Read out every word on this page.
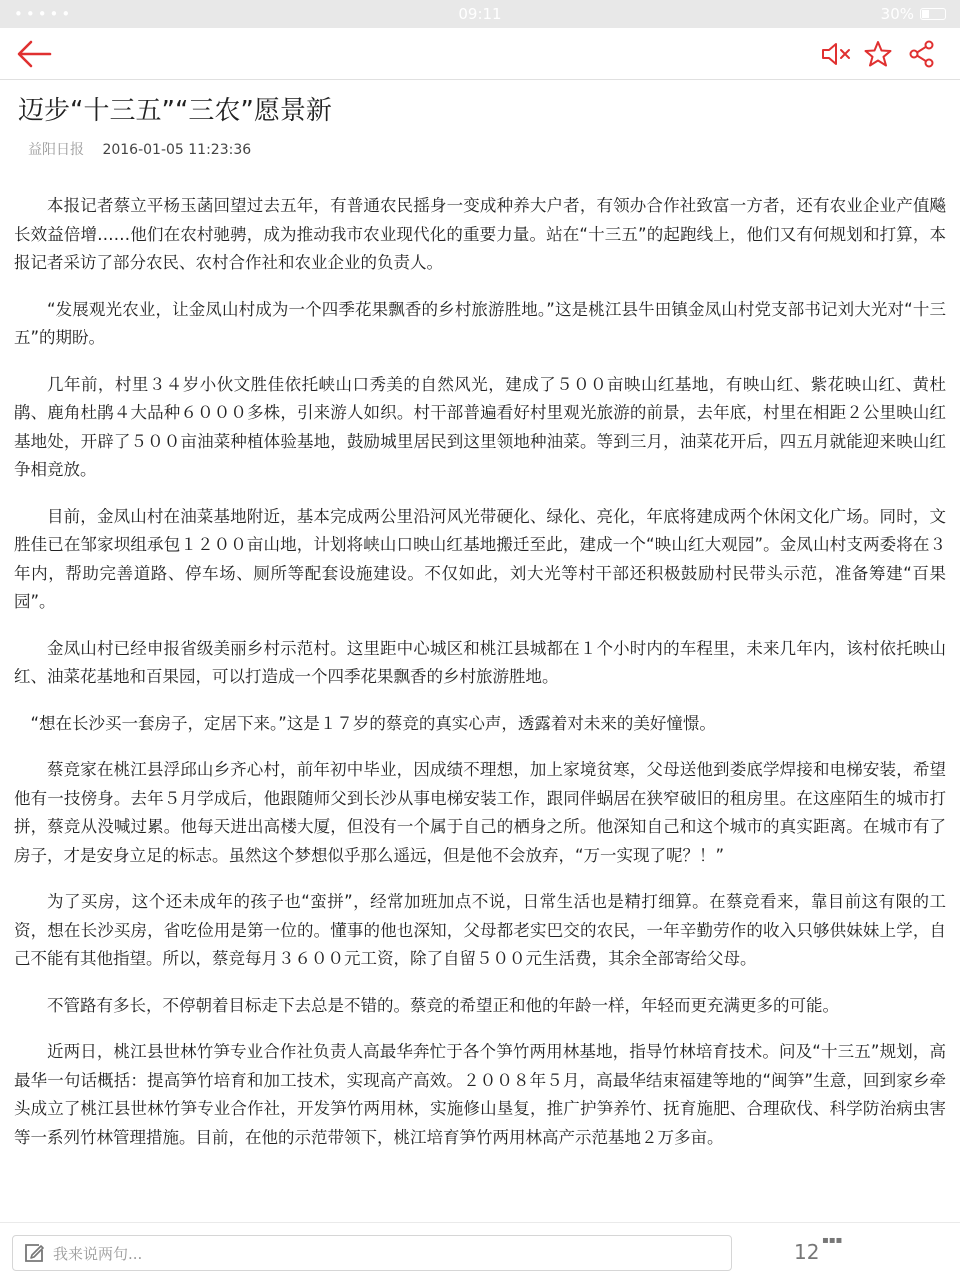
•••••	09:11	30%
迈步“十三五”“三农”愿景新
益阳日报 2016-01-05 11:23:36

本报记者蔡立平杨玉菡回望过去五年，有普通农民摇身一变成种养大户者，有领办合作社致富一方者，还有农业企业产值飚长效益倍增……他们在农村驰骋，成为推动我市农业现代化的重要力量。站在“十三五”的起跑线上，他们又有何规划和打算，本报记者采访了部分农民、农村合作社和农业企业的负责人。

“发展观光农业，让金凤山村成为一个四季花果飘香的乡村旅游胜地。”这是桃江县牛田镇金凤山村党支部书记刘大光对“十三五”的期盼。

几年前，村里３４岁小伙文胜佳依托峡山口秀美的自然风光，建成了５００亩映山红基地，有映山红、紫花映山红、黄杜鹃、鹿角杜鹃４大品种６０００多株，引来游人如织。村干部普遍看好村里观光旅游的前景，去年底，村里在相距２公里映山红基地处，开辟了５００亩油菜种植体验基地，鼓励城里居民到这里领地种油菜。等到三月，油菜花开后，四五月就能迎来映山红争相竞放。

目前，金凤山村在油菜基地附近，基本完成两公里沿河风光带硬化、绿化、亮化，年底将建成两个休闲文化广场。同时，文胜佳已在邹家坝组承包１２００亩山地，计划将峡山口映山红基地搬迁至此，建成一个“映山红大观园”。金凤山村支两委将在３年内，帮助完善道路、停车场、厕所等配套设施建设。不仅如此，刘大光等村干部还积极鼓励村民带头示范，准备筹建“百果园”。

金凤山村已经申报省级美丽乡村示范村。这里距中心城区和桃江县城都在１个小时内的车程里，未来几年内，该村依托映山红、油菜花基地和百果园，可以打造成一个四季花果飘香的乡村旅游胜地。

“想在长沙买一套房子，定居下来。”这是１７岁的蔡竞的真实心声，透露着对未来的美好憧憬。

蔡竞家在桃江县浮邱山乡齐心村，前年初中毕业，因成绩不理想，加上家境贫寒，父母送他到娄底学焊接和电梯安装，希望他有一技傍身。去年５月学成后，他跟随师父到长沙从事电梯安装工作，跟同伴蜗居在狭窄破旧的租房里。在这座陌生的城市打拼，蔡竞从没喊过累。他每天进出高楼大厦，但没有一个属于自己的栖身之所。他深知自己和这个城市的真实距离。在城市有了房子，才是安身立足的标志。虽然这个梦想似乎那么遥远，但是他不会放弃，“万一实现了呢？！”

为了买房，这个还未成年的孩子也“蛮拼”，经常加班加点不说，日常生活也是精打细算。在蔡竞看来，靠目前这有限的工资，想在长沙买房，省吃俭用是第一位的。懂事的他也深知，父母都老实巴交的农民，一年辛勤劳作的收入只够供妹妹上学，自己不能有其他指望。所以，蔡竞每月３６００元工资，除了自留５００元生活费，其余全部寄给父母。

不管路有多长，不停朝着目标走下去总是不错的。蔡竞的希望正和他的年龄一样，年轻而更充满更多的可能。

近两日，桃江县世林竹笋专业合作社负责人高最华奔忙于各个笋竹两用林基地，指导竹林培育技术。问及“十三五”规划，高最华一句话概括：提高笋竹培育和加工技术，实现高产高效。２００８年５月，高最华结束福建等地的“闽笋”生意，回到家乡牵头成立了桃江县世林竹笋专业合作社，开发笋竹两用林，实施修山垦复，推广护笋养竹、抚育施肥、合理砍伐、科学防治病虫害等一系列竹林管理措施。目前，在他的示范带领下，桃江培育笋竹两用林高产示范基地２万多亩。

我来说两句...	12 ▪▪▪
